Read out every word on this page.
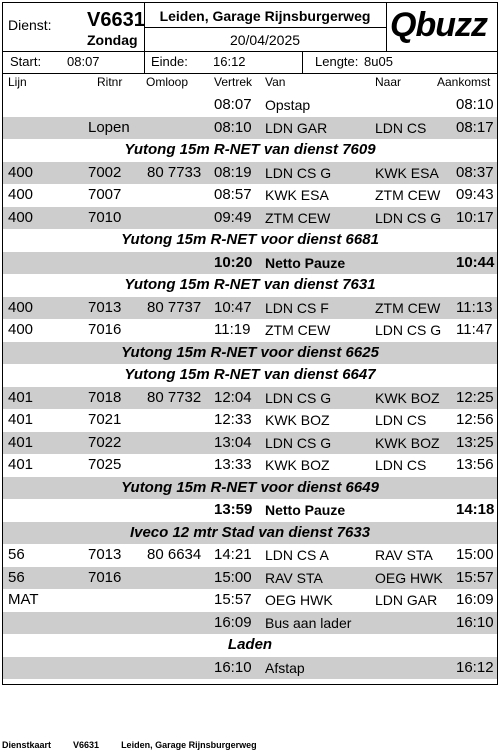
Dienst: V6631
Zondag
Leiden, Garage Rijnsburgerweg
20/04/2025	Qbuzz
Start: 08:07	Einde: 16:12	Lengte: 8u05
Lijn	Ritnr Omloop Vertrek Van	Naar	Aankomst
08:07 Opstap	08:10
Lopen	08:10 LDN GAR	LDN CS 08:17
Yutong 15m R-NET van dienst 7609
400	7002 80 7733 08:19 LDN CS G	KWK ESA 08:37
400	7007	08:57 KWK ESA	ZTM CEW 09:43
400	7010	09:49 ZTM CEW	LDN CS G 10:17
Yutong 15m R-NET voor dienst 6681
10:20 Netto Pauze	10:44
Yutong 15m R-NET van dienst 7631
400	7013 80 7737 10:47 LDN CS F	ZTM CEW 11:13
400	7016	11:19 ZTM CEW	LDN CS G 11:47
Yutong 15m R-NET voor dienst 6625
Yutong 15m R-NET van dienst 6647
401	7018 80 7732 12:04 LDN CS G	KWK BOZ 12:25
401	7021	12:33 KWK BOZ	LDN CS 12:56
401	7022	13:04 LDN CS G	KWK BOZ 13:25
401	7025	13:33 KWK BOZ	LDN CS 13:56
Yutong 15m R-NET voor dienst 6649
13:59 Netto Pauze	14:18
Iveco 12 mtr Stad van dienst 7633
56	7013 80 6634 14:21 LDN CS A	RAV STA 15:00
56	7016	15:00 RAV STA	OEG HWK 15:57
MAT	15:57 OEG HWK	LDN GAR 16:09
16:09 Bus aan lader	16:10
Laden
16:10 Afstap	16:12
Dienstkaart V6631 Leiden, Garage Rijnsburgerweg
